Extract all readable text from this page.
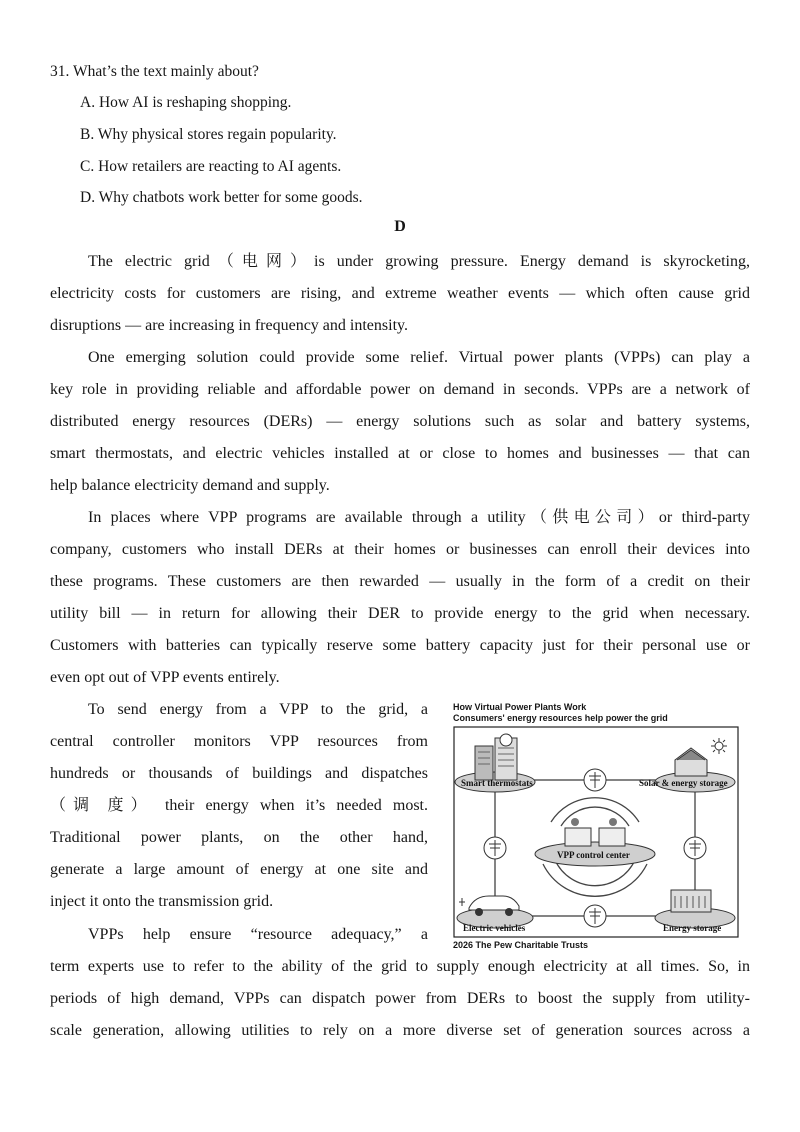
31. What’s the text mainly about?
A. How AI is reshaping shopping.
B. Why physical stores regain popularity.
C. How retailers are reacting to AI agents.
D. Why chatbots work better for some goods.
D
The electric grid（电网）is under growing pressure. Energy demand is skyrocketing,
electricity costs for customers are rising, and extreme weather events — which often cause grid
disruptions — are increasing in frequency and intensity.
One emerging solution could provide some relief. Virtual power plants (VPPs) can play a
key role in providing reliable and affordable power on demand in seconds. VPPs are a network of
distributed energy resources (DERs) — energy solutions such as solar and battery systems,
smart thermostats, and electric vehicles installed at or close to homes and businesses — that can
help balance electricity demand and supply.
In places where VPP programs are available through a utility（供电公司）or third-party
company, customers who install DERs at their homes or businesses can enroll their devices into
these programs. These customers are then rewarded — usually in the form of a credit on their
utility bill — in return for allowing their DER to provide energy to the grid when necessary.
Customers with batteries can typically reserve some battery capacity just for their personal use or
even opt out of VPP events entirely.
To send energy from a VPP to the grid, a
central controller monitors VPP resources from
hundreds or thousands of buildings and dispatches
（调 度） their energy when it’s needed most.
Traditional power plants, on the other hand,
generate a large amount of energy at one site and
inject it onto the transmission grid.
VPPs help ensure “resource adequacy,” a
term experts use to refer to the ability of the grid to supply enough electricity at all times. So, in
periods of high demand, VPPs can dispatch power from DERs to boost the supply from utility-
scale generation, allowing utilities to rely on a more diverse set of generation sources across a
How Virtual Power Plants Work
Consumers' energy resources help power the grid
Smart thermostats	Solar & energy storage
VPP control center
Electric vehicles	Energy storage
2026 The Pew Charitable Trusts
